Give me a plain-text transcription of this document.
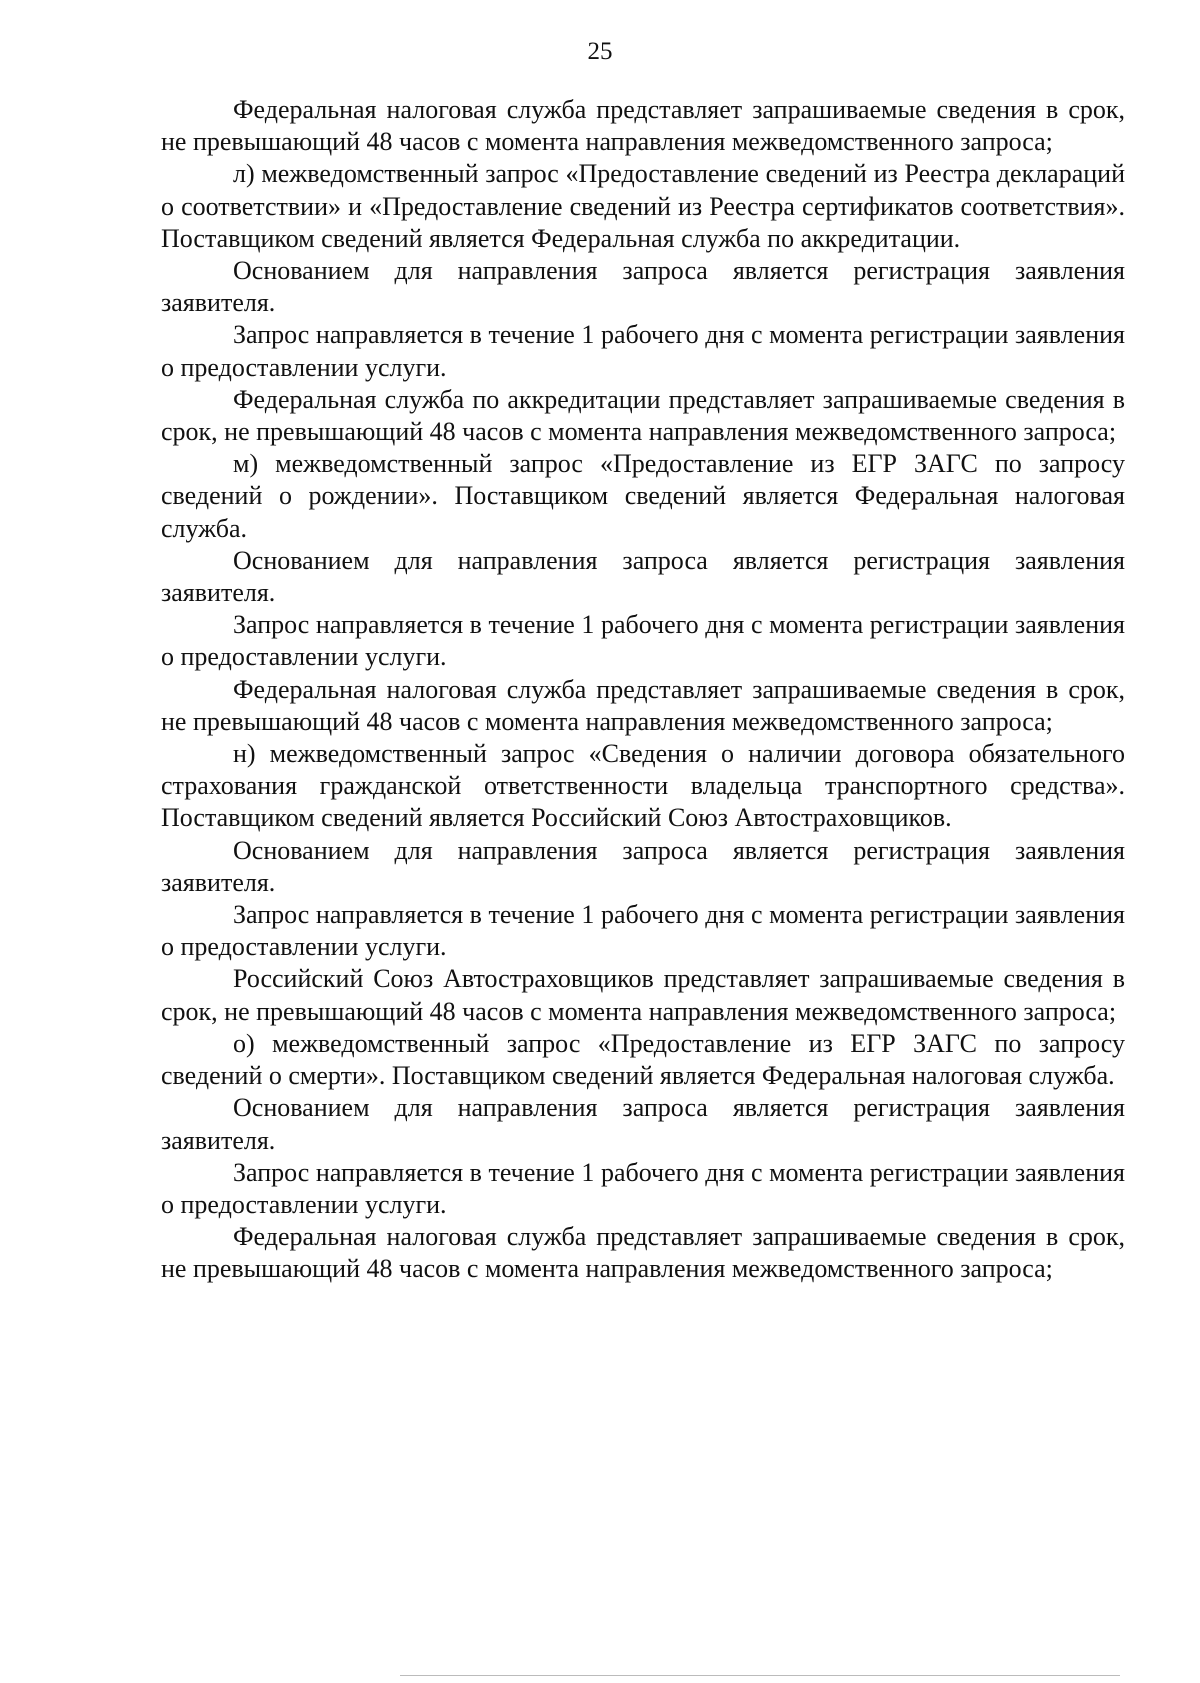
25

Федеральная налоговая служба представляет запрашиваемые сведения в срок, не превышающий 48 часов с момента направления межведомственного запроса;

л) межведомственный запрос «Предоставление сведений из Реестра деклараций о соответствии» и «Предоставление сведений из Реестра сертификатов соответствия». Поставщиком сведений является Федеральная служба по аккредитации.

Основанием для направления запроса является регистрация заявления заявителя.

Запрос направляется в течение 1 рабочего дня с момента регистрации заявления о предоставлении услуги.

Федеральная служба по аккредитации представляет запрашиваемые сведения в срок, не превышающий 48 часов с момента направления межведомственного запроса;

м) межведомственный запрос «Предоставление из ЕГР ЗАГС по запросу сведений о рождении». Поставщиком сведений является Федеральная налоговая служба.

Основанием для направления запроса является регистрация заявления заявителя.

Запрос направляется в течение 1 рабочего дня с момента регистрации заявления о предоставлении услуги.

Федеральная налоговая служба представляет запрашиваемые сведения в срок, не превышающий 48 часов с момента направления межведомственного запроса;

н) межведомственный запрос «Сведения о наличии договора обязательного страхования гражданской ответственности владельца транспортного средства». Поставщиком сведений является Российский Союз Автостраховщиков.

Основанием для направления запроса является регистрация заявления заявителя.

Запрос направляется в течение 1 рабочего дня с момента регистрации заявления о предоставлении услуги.

Российский Союз Автостраховщиков представляет запрашиваемые сведения в срок, не превышающий 48 часов с момента направления межведомственного запроса;

о) межведомственный запрос «Предоставление из ЕГР ЗАГС по запросу сведений о смерти». Поставщиком сведений является Федеральная налоговая служба.

Основанием для направления запроса является регистрация заявления заявителя.

Запрос направляется в течение 1 рабочего дня с момента регистрации заявления о предоставлении услуги.

Федеральная налоговая служба представляет запрашиваемые сведения в срок, не превышающий 48 часов с момента направления межведомственного запроса;
